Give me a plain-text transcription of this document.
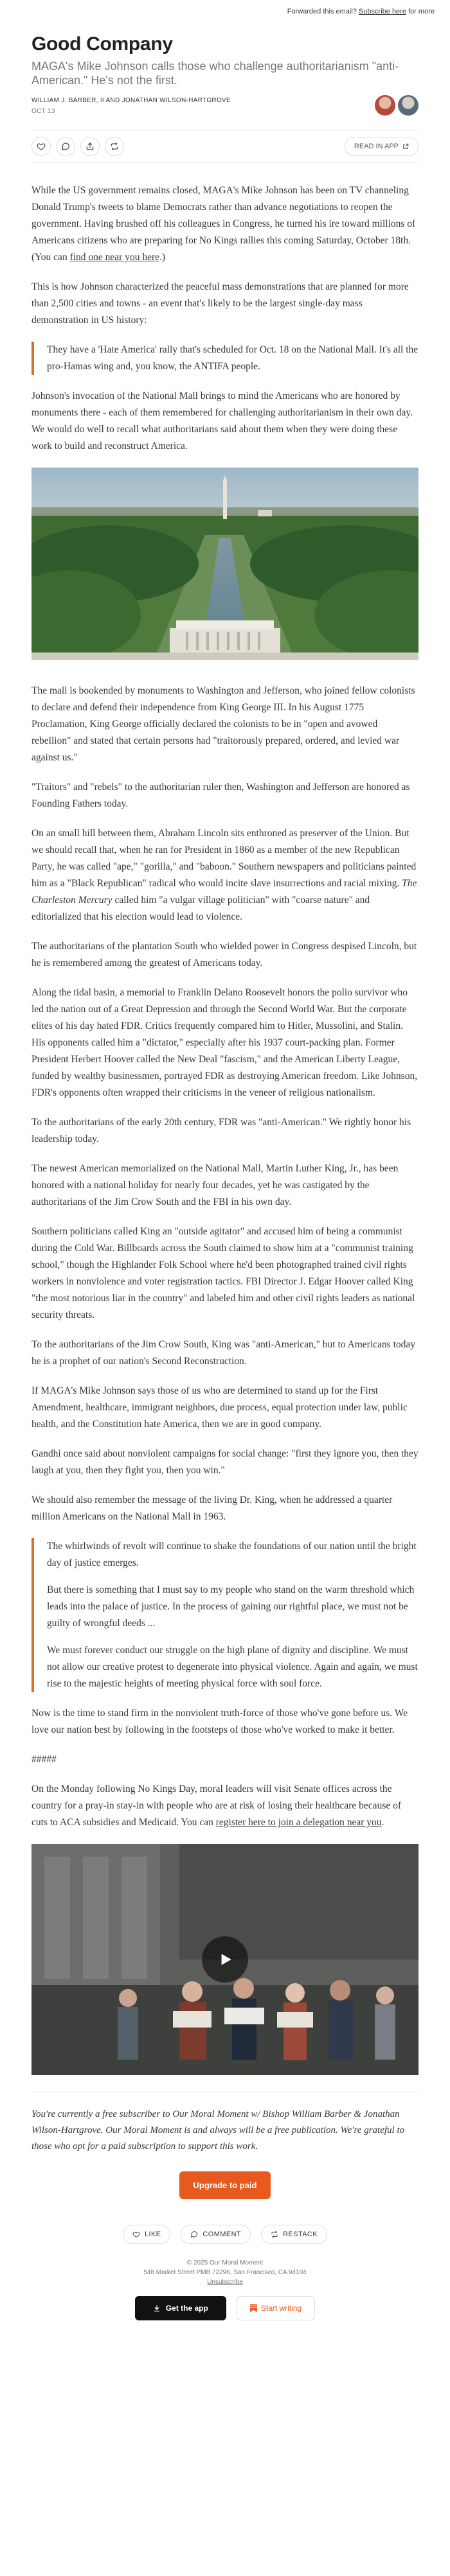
Forwarded this email? Subscribe here for more
Good Company
MAGA's Mike Johnson calls those who challenge authoritarianism "anti-American." He's not the first.
WILLIAM J. BARBER, II AND JONATHAN WILSON-HARTGROVE
OCT 13
READ IN APP

While the US government remains closed, MAGA's Mike Johnson has been on TV channeling Donald Trump's tweets to blame Democrats rather than advance negotiations to reopen the government. Having brushed off his colleagues in Congress, he turned his ire toward millions of Americans citizens who are preparing for No Kings rallies this coming Saturday, October 18th. (You can find one near you here.)

This is how Johnson characterized the peaceful mass demonstrations that are planned for more than 2,500 cities and towns - an event that's likely to be the largest single-day mass demonstration in US history:

They have a 'Hate America' rally that's scheduled for Oct. 18 on the National Mall. It's all the pro-Hamas wing and, you know, the ANTIFA people.

Johnson's invocation of the National Mall brings to mind the Americans who are honored by monuments there - each of them remembered for challenging authoritarianism in their own day. We would do well to recall what authoritarians said about them when they were doing these work to build and reconstruct America.

The mall is bookended by monuments to Washington and Jefferson, who joined fellow colonists to declare and defend their independence from King George III. In his August 1775 Proclamation, King George officially declared the colonists to be in "open and avowed rebellion" and stated that certain persons had "traitorously prepared, ordered, and levied war against us."

"Traitors" and "rebels" to the authoritarian ruler then, Washington and Jefferson are honored as Founding Fathers today.

On an small hill between them, Abraham Lincoln sits enthroned as preserver of the Union. But we should recall that, when he ran for President in 1860 as a member of the new Republican Party, he was called "ape," "gorilla," and "baboon." Southern newspapers and politicians painted him as a "Black Republican" radical who would incite slave insurrections and racial mixing. The Charleston Mercury called him "a vulgar village politician" with "coarse nature" and editorialized that his election would lead to violence.

The authoritarians of the plantation South who wielded power in Congress despised Lincoln, but he is remembered among the greatest of Americans today.

Along the tidal basin, a memorial to Franklin Delano Roosevelt honors the polio survivor who led the nation out of a Great Depression and through the Second World War. But the corporate elites of his day hated FDR. Critics frequently compared him to Hitler, Mussolini, and Stalin. His opponents called him a "dictator," especially after his 1937 court-packing plan. Former President Herbert Hoover called the New Deal "fascism," and the American Liberty League, funded by wealthy businessmen, portrayed FDR as destroying American freedom. Like Johnson, FDR's opponents often wrapped their criticisms in the veneer of religious nationalism.

To the authoritarians of the early 20th century, FDR was "anti-American." We rightly honor his leadership today.

The newest American memorialized on the National Mall, Martin Luther King, Jr., has been honored with a national holiday for nearly four decades, yet he was castigated by the authoritarians of the Jim Crow South and the FBI in his own day.

Southern politicians called King an "outside agitator" and accused him of being a communist during the Cold War. Billboards across the South claimed to show him at a "communist training school," though the Highlander Folk School where he'd been photographed trained civil rights workers in nonviolence and voter registration tactics. FBI Director J. Edgar Hoover called King "the most notorious liar in the country" and labeled him and other civil rights leaders as national security threats.

To the authoritarians of the Jim Crow South, King was "anti-American," but to Americans today he is a prophet of our nation's Second Reconstruction.

If MAGA's Mike Johnson says those of us who are determined to stand up for the First Amendment, healthcare, immigrant neighbors, due process, equal protection under law, public health, and the Constitution hate America, then we are in good company.

Gandhi once said about nonviolent campaigns for social change: "first they ignore you, then they laugh at you, then they fight you, then you win."

We should also remember the message of the living Dr. King, when he addressed a quarter million Americans on the National Mall in 1963.

The whirlwinds of revolt will continue to shake the foundations of our nation until the bright day of justice emerges.

But there is something that I must say to my people who stand on the warm threshold which leads into the palace of justice. In the process of gaining our rightful place, we must not be guilty of wrongful deeds ...

We must forever conduct our struggle on the high plane of dignity and discipline. We must not allow our creative protest to degenerate into physical violence. Again and again, we must rise to the majestic heights of meeting physical force with soul force.

Now is the time to stand firm in the nonviolent truth-force of those who've gone before us. We love our nation best by following in the footsteps of those who've worked to make it better.

#####

On the Monday following No Kings Day, moral leaders will visit Senate offices across the country for a pray-in stay-in with people who are at risk of losing their healthcare because of cuts to ACA subsidies and Medicaid. You can register here to join a delegation near you.

You're currently a free subscriber to Our Moral Moment w/ Bishop William Barber & Jonathan Wilson-Hartgrove. Our Moral Moment is and always will be a free publication. We're grateful to those who opt for a paid subscription to support this work.

Upgrade to paid
LIKE	COMMENT	RESTACK
© 2025 Our Moral Moment
548 Market Street PMB 72296, San Francisco, CA 94104
Unsubscribe
Get the app	Start writing
